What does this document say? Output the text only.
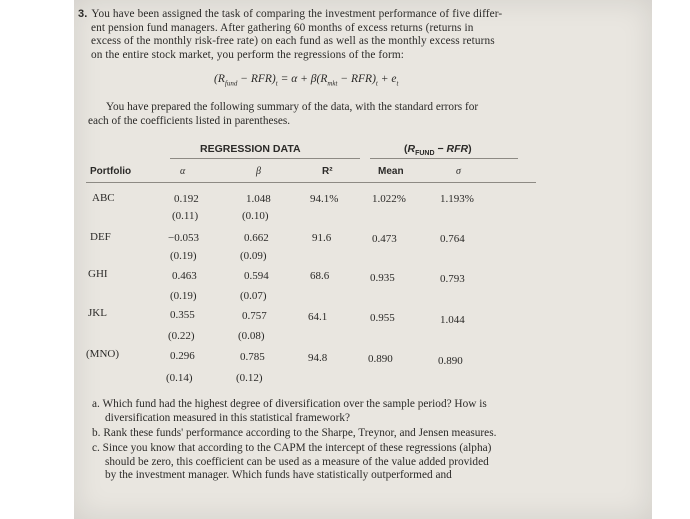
3. You have been assigned the task of comparing the investment performance of five differ-
ent pension fund managers. After gathering 60 months of excess returns (returns in
excess of the monthly risk-free rate) on each fund as well as the monthly excess returns
on the entire stock market, you perform the regressions of the form:
$(R_{fund} - RFR)_t = \alpha + \beta(R_{mkt} - RFR)_t + e_t$
You have prepared the following summary of the data, with the standard errors for
each of the coefficients listed in parentheses.
REGRESSION DATA	$(R_{FUND} - RFR)$
Portfolio	α	β	R²	Mean	σ
ABC	0.192	1.048	94.1%	1.022%	1.193%
(0.11)	(0.10)
DEF	−0.053	0.662	91.6	0.473	0.764
(0.19)	(0.09)
GHI	0.463	0.594	68.6	0.935	0.793
(0.19)	(0.07)
JKL	0.355	0.757	64.1	0.955	1.044
(0.22)	(0.08)
(MNO)	0.296	0.785	94.8	0.890	0.890
(0.14)	(0.12)
a. Which fund had the highest degree of diversification over the sample period? How is
diversification measured in this statistical framework?
b. Rank these funds' performance according to the Sharpe, Treynor, and Jensen measures.
c. Since you know that according to the CAPM the intercept of these regressions (alpha)
should be zero, this coefficient can be used as a measure of the value added provided
by the investment manager. Which funds have statistically outperformed and
